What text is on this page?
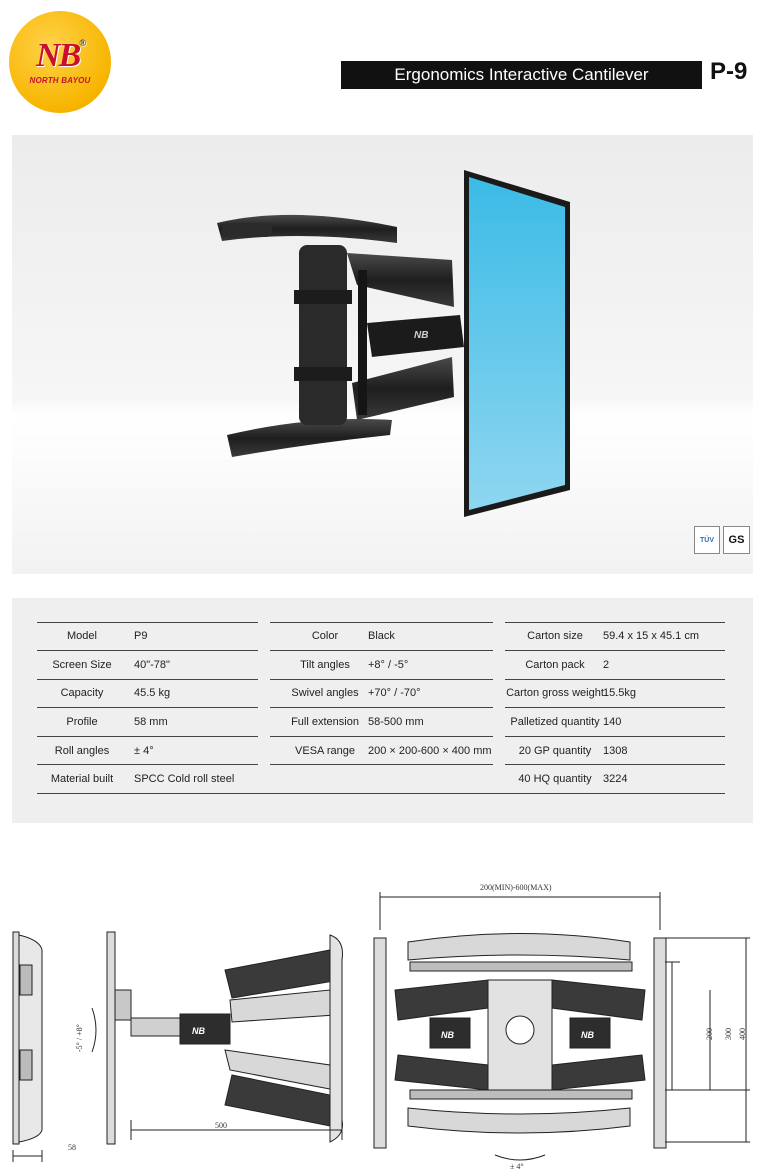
NB®
NORTH BAYOU	Ergonomics Interactive Cantilever	P-9
NB
TÜV	GS
Model	P9	Color	Black	Carton size	59.4 x 15 x 45.1 cm
Screen Size	40"-78"	Tilt angles	+8° / -5°	Carton pack	2
Capacity	45.5 kg	Swivel angles +70° / -70°	Carton gross weight 15.5kg
Profile	58 mm	Full extension 58-500 mm	Palletized quantity 140
Roll angles	± 4°	VESA range	200 × 200-600 × 400 mm	20 GP quantity	1308
Material built	SPCC Cold roll steel	40 HQ quantity	3224
58
NB
500
-5° / +8°	NB	NB
200(MIN)-600(MAX)
200 300 400
± 4°
